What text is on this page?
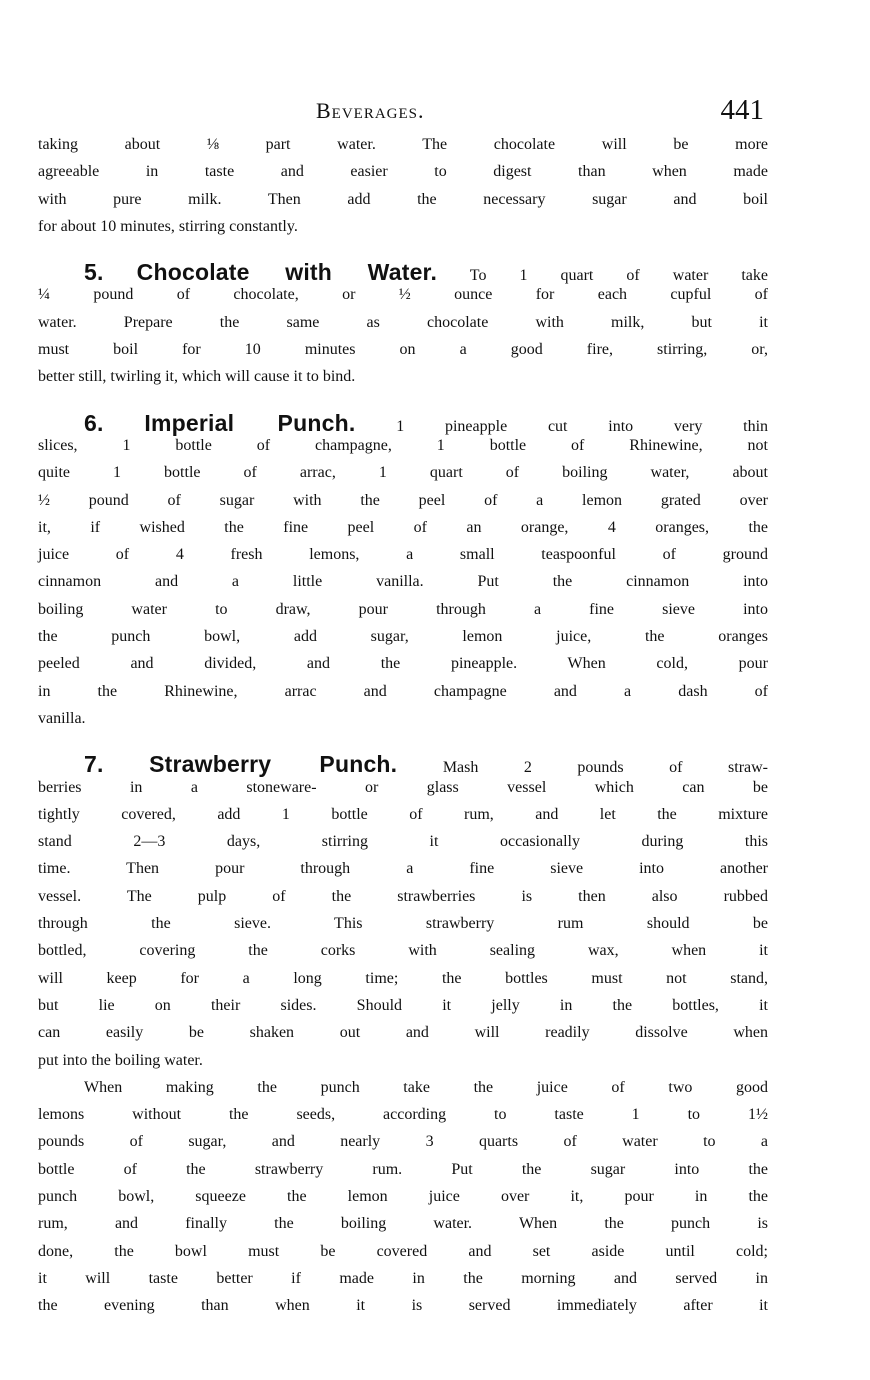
Beverages.	441
taking about ⅛ part water. The chocolate will be more
agreeable in taste and easier to digest than when made
with pure milk. Then add the necessary sugar and boil
for about 10 minutes, stirring constantly.
5. Chocolate with Water. To 1 quart of water take
¼ pound of chocolate, or ½ ounce for each cupful of
water. Prepare the same as chocolate with milk, but it
must boil for 10 minutes on a good fire, stirring, or,
better still, twirling it, which will cause it to bind.
6. Imperial Punch.	1 pineapple cut into very thin
slices, 1 bottle of champagne, 1 bottle of Rhinewine, not
quite 1 bottle of arrac, 1 quart of boiling water, about
½ pound of sugar with the peel of a lemon grated over
it, if wished the fine peel of an orange, 4 oranges, the
juice of 4 fresh lemons, a small teaspoonful of ground
cinnamon and a little vanilla. Put the cinnamon into
boiling water to draw, pour through a fine sieve into
the punch bowl, add sugar, lemon juice, the oranges
peeled and divided, and the pineapple. When cold, pour
in the Rhinewine, arrac and champagne and a dash of
vanilla.
7. Strawberry Punch.	Mash 2 pounds of straw-
berries in a stoneware- or glass vessel which can be
tightly covered, add 1 bottle of rum, and let the mixture
stand 2—3 days, stirring it occasionally during this
time. Then pour through a fine sieve into another
vessel. The pulp of the strawberries is then also rubbed
through the sieve. This strawberry rum should be
bottled, covering the corks with sealing wax, when it
will keep for a long time; the bottles must not stand,
but lie on their sides. Should it jelly in the bottles, it
can easily be shaken out and will readily dissolve when
put into the boiling water.
When making the punch take the juice of two good
lemons without the seeds, according to taste 1 to 1½
pounds of sugar, and nearly 3 quarts of water to a
bottle of the strawberry rum. Put the sugar into the
punch bowl, squeeze the lemon juice over it, pour in the
rum, and finally the boiling water. When the punch is
done, the bowl must be covered and set aside until cold;
it will taste better if made in the morning and served in
the evening than when it is served immediately after it
